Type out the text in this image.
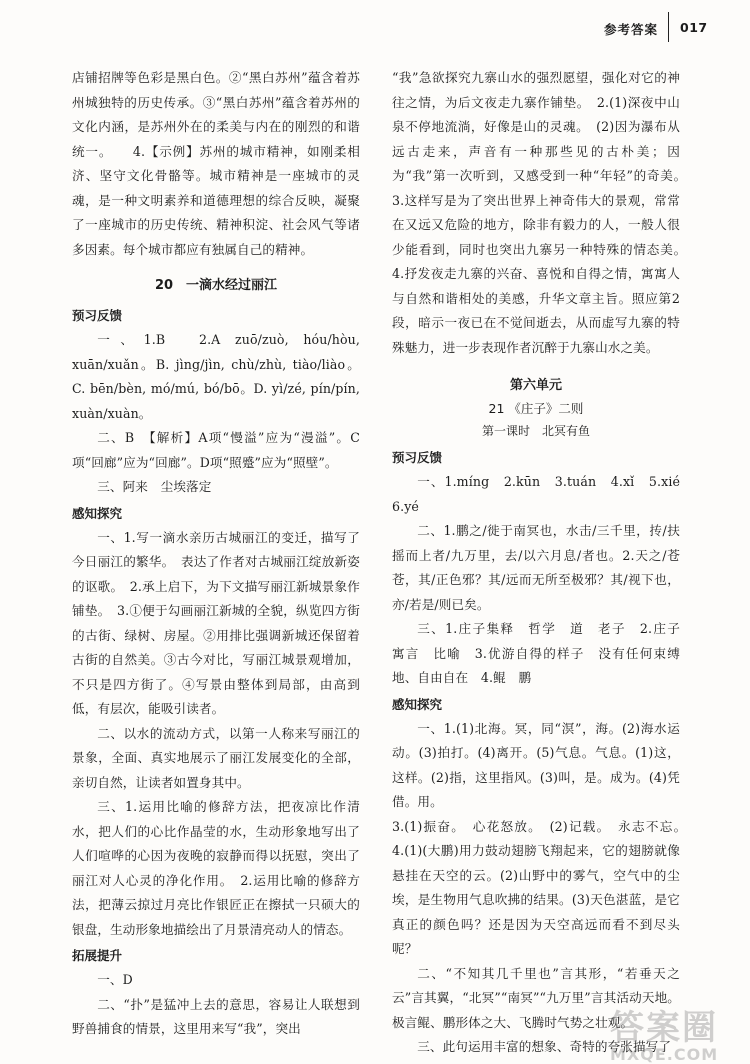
参考答案 017

店铺招牌等色彩是黑白色。②“黑白苏州”蕴含着苏州城独特的历史传承。③“黑白苏州”蕴含着苏州的文化内涵，是苏州外在的柔美与内在的刚烈的和谐统一。　　4.【示例】苏州的城市精神，如刚柔相济、坚守文化骨骼等。城市精神是一座城市的灵魂，是一种文明素养和道德理想的综合反映，凝聚了一座城市的历史传统、精神积淀、社会风气等诸多因素。每个城市都应有独属自己的精神。

20　一滴水经过丽江
预习反馈

一、1.B　2.A zuō/zuò, hóu/hòu, xuān/xuǎn。B. jìng/jìn, chù/zhù, tiào/liào。C. bēn/bèn, mó/mú, bó/bō。D. yì/zé, pín/pín, xuàn/xuàn。

二、B　【解析】A项“慢溢”应为“漫溢”。C项“回廊”应为“回廊”。D项“照蹙”应为“照壁”。

三、阿来　尘埃落定

感知探究

一、1.写一滴水亲历古城丽江的变迁，描写了今日丽江的繁华。　表达了作者对古城丽江绽放新姿的讴歌。　2.承上启下，为下文描写丽江新城景象作铺垫。　3.①便于勾画丽江新城的全貌，纵览四方街的古街、绿树、房屋。②用排比强调新城还保留着古街的自然美。③古今对比，写丽江城景观增加，不只是四方街了。④写景由整体到局部，由高到低，有层次，能吸引读者。

二、以水的流动方式，以第一人称来写丽江的景象，全面、真实地展示了丽江发展变化的全部，亲切自然，让读者如置身其中。

三、1.运用比喻的修辞方法，把夜凉比作清水，把人们的心比作晶莹的水，生动形象地写出了人们喧哗的心因为夜晚的寂静而得以抚慰，突出了丽江对人心灵的净化作用。　2.运用比喻的修辞方法，把薄云掠过月亮比作银匠正在擦拭一只硕大的银盘，生动形象地描绘出了月景清亮动人的情态。

拓展提升

一、D

二、“扑”是猛冲上去的意思，容易让人联想到野兽捕食的情景，这里用来写“我”，突出

“我”急欲探究九寨山水的强烈愿望，强化对它的神往之情，为后文夜走九寨作铺垫。　2.(1)深夜中山泉不停地流淌，好像是山的灵魂。　(2)因为瀑布从远古走来，声音有一种那些见的古朴美；因为“我”第一次听到，又感受到一种“年轻”的奇美。　3.这样写是为了突出世界上神奇伟大的景观，常常在又远又危险的地方，除非有毅力的人，一般人很少能看到，同时也突出九寨另一种特殊的情态美。　4.抒发夜走九寨的兴奋、喜悦和自得之情，寓寓人与自然和谐相处的美感，升华文章主旨。照应第2段，暗示一夜已在不觉间逝去，从而虚写九寨的特殊魅力，进一步表现作者沉醉于九寨山水之美。

第六单元
21 《庄子》二则
第一课时　北冥有鱼
预习反馈

一、1.míng　2.kūn　3.tuán　4.xǐ　5.xié　6.yé

二、1.鹏之/徙于南冥也，水击/三千里，抟/扶摇而上者/九万里，去/以六月息/者也。2.天之/苍苍，其/正色邪？其/远而无所至极邪？其/视下也，亦/若是/则已矣。

三、1.庄子集释　哲学　道　老子　2.庄子　寓言　比喻　3.优游自得的样子　没有任何束缚地、自由自在　4.鲲　鹏

感知探究

一、1.(1)北海。冥，同“溟”，海。(2)海水运动。(3)拍打。(4)离开。(5)气息。气息。(1)这，这样。(2)指，这里指风。(3)叫，是。成为。(4)凭借。用。

3.(1)振奋。　心花怒放。　(2)记载。　永志不忘。　4.(1)(大鹏)用力鼓动翅膀飞翔起来，它的翅膀就像悬挂在天空的云。(2)山野中的雾气，空气中的尘埃，是生物用气息吹拂的结果。(3)天色湛蓝，是它真正的颜色吗？还是因为天空高远而看不到尽头呢？

二、“不知其几千里也”言其形，“若垂天之云”言其翼，“北冥”“南冥”“九万里”言其活动天地。极言鲲、鹏形体之大、飞腾时气势之壮观。

三、此句运用丰富的想象、奇特的夸张描写了

答案圈
MXQE.COM
